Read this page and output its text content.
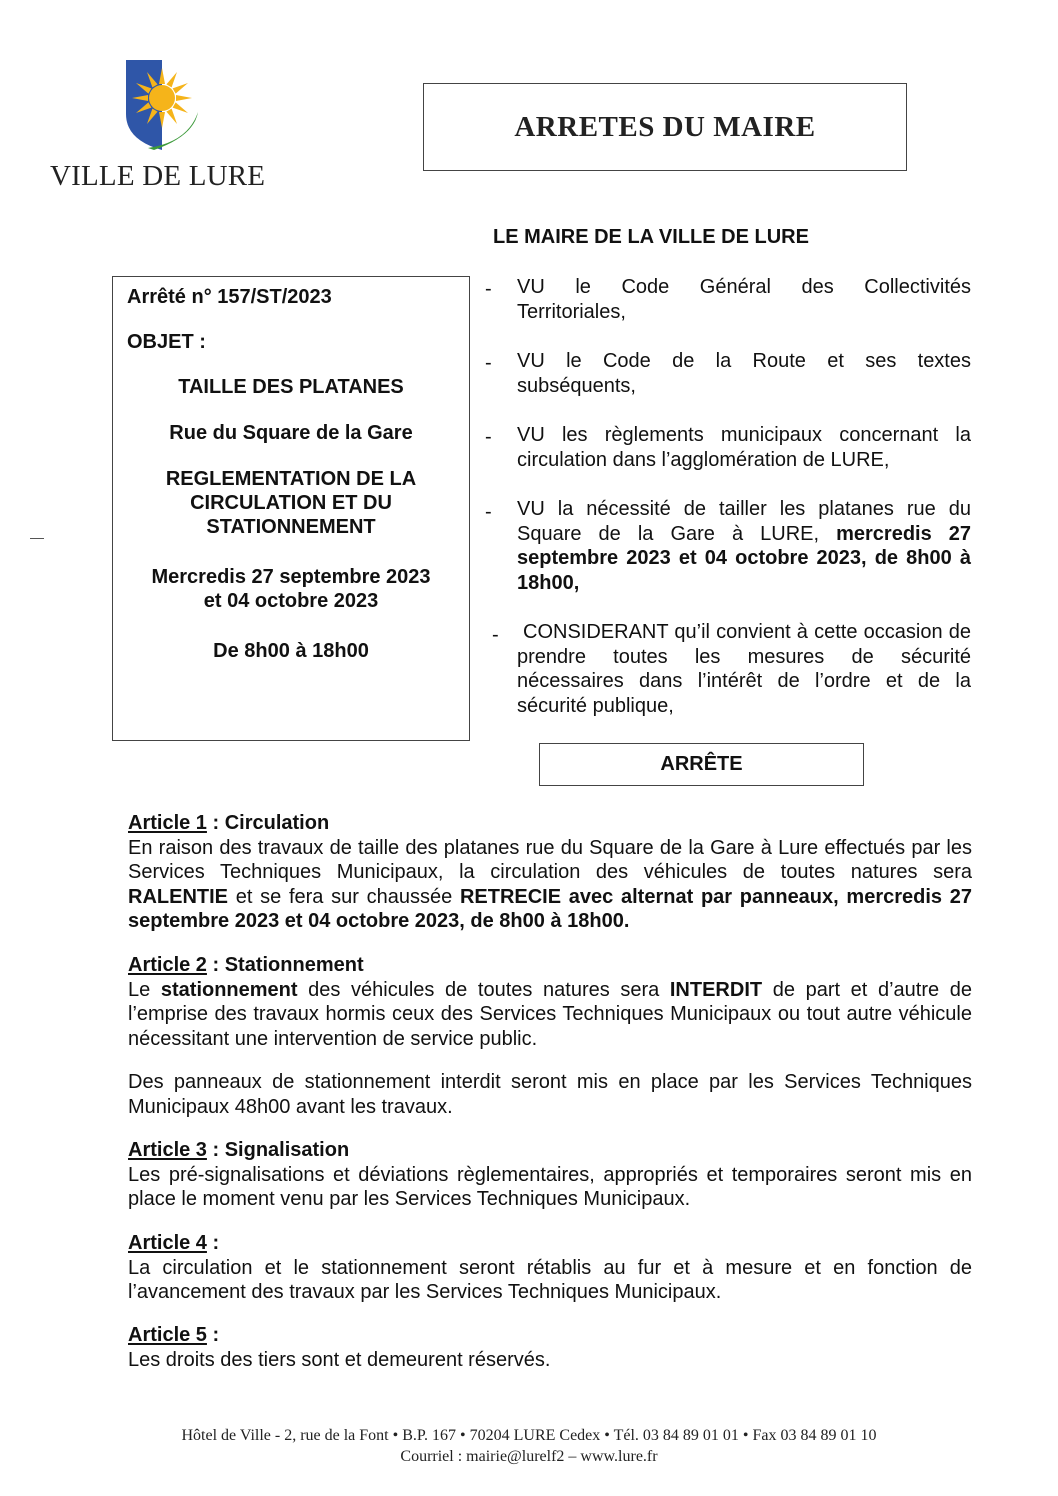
VILLE DE LURE
ARRETES DU MAIRE
LE MAIRE DE LA VILLE DE LURE
Arrêté n° 157/ST/2023
OBJET :
TAILLE DES PLATANES
Rue du Square de la Gare
REGLEMENTATION DE LA
CIRCULATION ET DU
STATIONNEMENT
Mercredis 27 septembre 2023
et 04 octobre 2023
De 8h00 à 18h00
- VU le Code Général des Collectivités
Territoriales,
- VU le Code de la Route et ses textes
subséquents,
- VU les règlements municipaux concernant la
circulation dans l’agglomération de LURE,
- VU la nécessité de tailler les platanes rue du Square de la Gare à LURE, mercredis 27 septembre 2023 et 04 octobre 2023, de 8h00 à 18h00,
-	CONSIDERANT qu’il convient à cette occasion de prendre toutes les mesures de sécurité nécessaires dans l’intérêt de l’ordre et de la sécurité publique,
ARRÊTE
Article 1 : Circulation
En raison des travaux de taille des platanes rue du Square de la Gare à Lure effectués par les Services Techniques Municipaux, la circulation des véhicules de toutes natures sera RALENTIE et se fera sur chaussée RETRECIE avec alternat par panneaux, mercredis 27 septembre 2023 et 04 octobre 2023, de 8h00 à 18h00.
Article 2 : Stationnement
Le stationnement des véhicules de toutes natures sera INTERDIT de part et d’autre de l’emprise des travaux hormis ceux des Services Techniques Municipaux ou tout autre véhicule nécessitant une intervention de service public.
Des panneaux de stationnement interdit seront mis en place par les Services Techniques Municipaux 48h00 avant les travaux.
Article 3 : Signalisation
Les pré-signalisations et déviations règlementaires, appropriés et temporaires seront mis en place le moment venu par les Services Techniques Municipaux.
Article 4 :
La circulation et le stationnement seront rétablis au fur et à mesure et en fonction de l’avancement des travaux par les Services Techniques Municipaux.
Article 5 :
Les droits des tiers sont et demeurent réservés.
Hôtel de Ville - 2, rue de la Font • B.P. 167 • 70204 LURE Cedex • Tél. 03 84 89 01 01 • Fax 03 84 89 01 10
Courriel : mairie@lurelf2 – www.lure.fr
